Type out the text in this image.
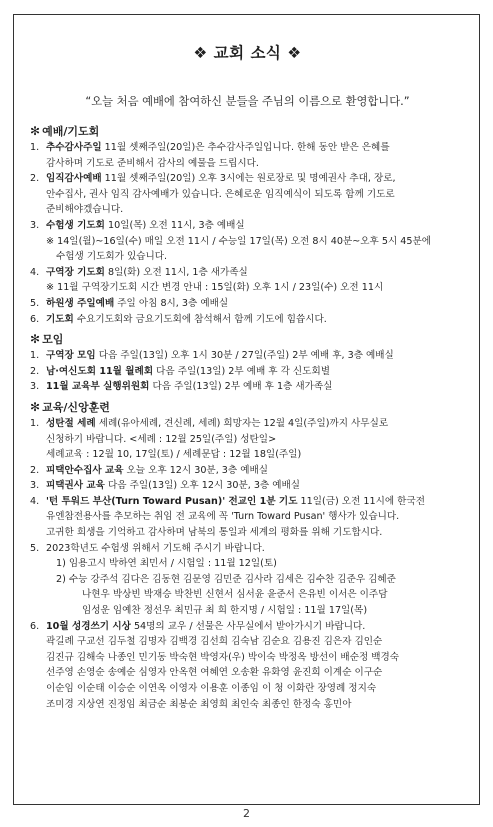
❖ 교회 소식 ❖
“오늘 처음 예배에 참여하신 분들을 주님의 이름으로 환영합니다.”
✻ 예배/기도회
1. 추수감사주일 11월 셋째주일(20일)은 추수감사주일입니다. 한해 동안 받은 은혜를
감사하며 기도로 준비해서 감사의 예물을 드립시다.
2. 임직감사예배 11월 셋째주일(20일) 오후 3시에는 원로장로 및 명예권사 추대, 장로,
안수집사, 권사 임직 감사예배가 있습니다. 은혜로운 임직예식이 되도록 함께 기도로
준비해야겠습니다.
3. 수험생 기도회 10일(목) 오전 11시, 3층 예배실
※ 14일(월)~16일(수) 매일 오전 11시 / 수능일 17일(목) 오전 8시 40분~오후 5시 45분에
수험생 기도회가 있습니다.
4. 구역장 기도회 8일(화) 오전 11시, 1층 새가족실
※ 11월 구역장기도회 시간 변경 안내 : 15일(화) 오후 1시 / 23일(수) 오전 11시
5. 하원생 주일예배 주일 아침 8시, 3층 예배실
6. 기도회 수요기도회와 금요기도회에 참석해서 함께 기도에 힘씁시다.
✻ 모임
1. 구역장 모임 다음 주일(13일) 오후 1시 30분 / 27일(주일) 2부 예배 후, 3층 예배실
2. 남·여신도회 11월 월례회 다음 주일(13일) 2부 예배 후 각 신도회별
3. 11월 교육부 실행위원회 다음 주일(13일) 2부 예배 후 1층 새가족실
✻ 교육/신앙훈련
1. 성탄절 세례 세례(유아세례, 견신례, 세례) 희망자는 12월 4일(주일)까지 사무실로
신청하기 바랍니다. <세례 : 12월 25일(주일) 성탄일>
세례교육 : 12월 10, 17일(토) / 세례문답 : 12월 18일(주일)
2. 피택안수집사 교육 오늘 오후 12시 30분, 3층 예배실
3. 피택권사 교육 다음 주일(13일) 오후 12시 30분, 3층 예배실
4. '턴 투워드 부산(Turn Toward Pusan)' 전교인 1분 기도 11일(금) 오전 11시에 한국전
유엔참전용사를 추모하는 취임 전 교육에 꼭 'Turn Toward Pusan' 행사가 있습니다.
고귀한 희생을 기억하고 감사하며 남북의 통일과 세계의 평화를 위해 기도합시다.
5. 2023학년도 수험생 위해서 기도해 주시기 바랍니다.
1) 임용고시 박하연 최민서 / 시험일 : 11월 12일(토)
2) 수능 강주석 김다은 김동현 김문영 김민준 김사라 김세은 김수찬 김준우 김혜준
나현우 박상빈 박재승 박찬빈 신현서 심서윤 윤준서 은유빈 이서은 이주담
임성운 임예찬 정선우 최민규 최 희 한지명 / 시험일 : 11월 17일(목)
6. 10월 성경쓰기 시상 54명의 교우 / 선물은 사무실에서 받아가시기 바랍니다.
곽길례 구교선 김두철 김명자 김백경 김선희 김숙남 김순요 김용진 김은자 김인순
김진규 김해숙 나종인 민기동 박숙현 박영자(우) 박이숙 박정옥 방선이 배순정 백경숙
선주영 손영순 송예순 심영자 안옥현 여혜연 오송환 유화영 윤진희 이계순 이구순
이순임 이순태 이승순 이연옥 이영자 이용훈 이종임 이 청 이화란 장영례 정지숙
조미경 지상연 진정임 최금순 최봉순 최영희 최인숙 최종인 한정숙 홍민아
2
